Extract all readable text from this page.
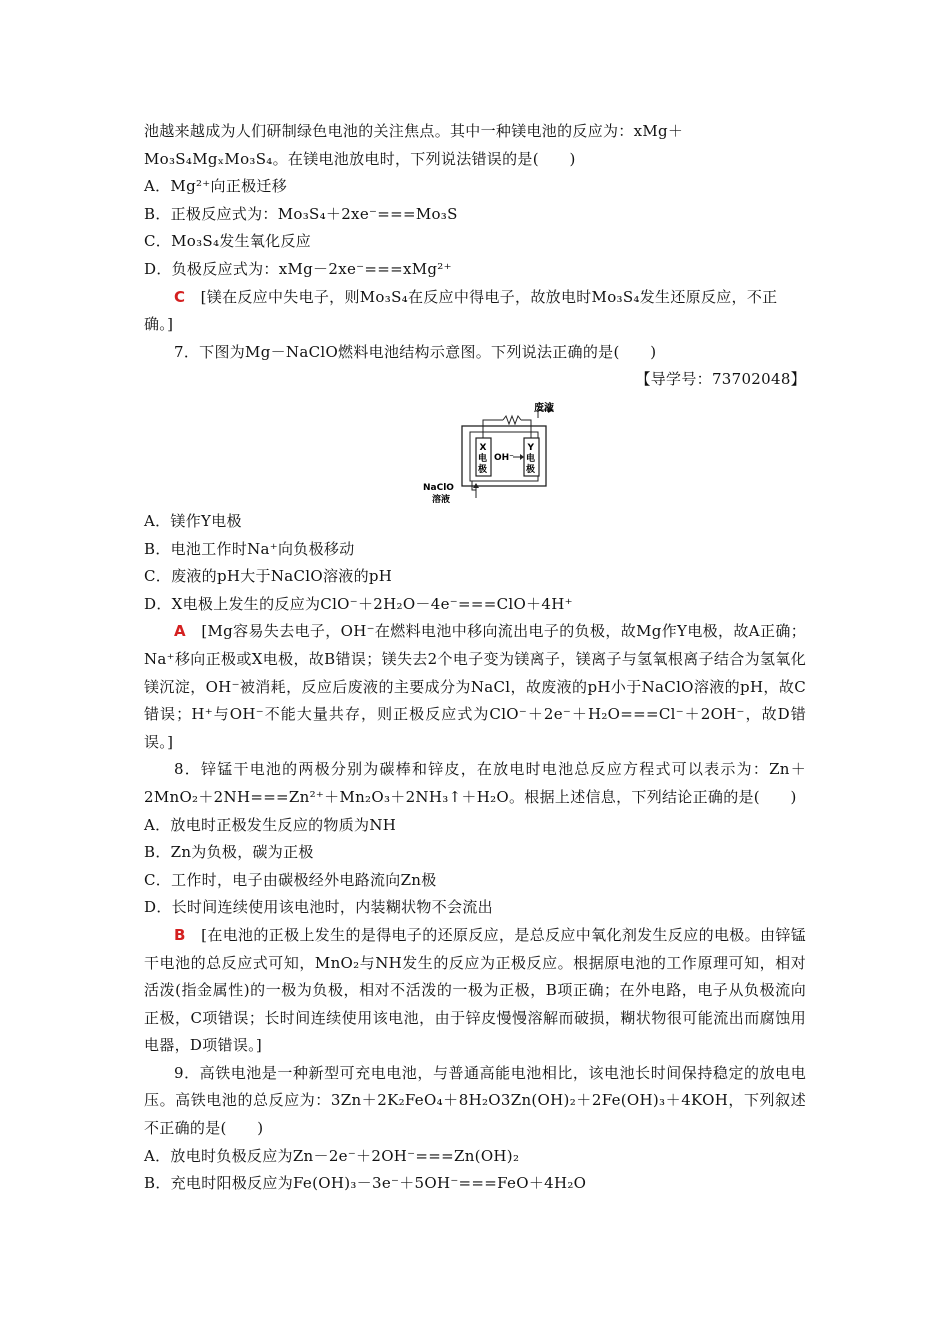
池越来越成为人们研制绿色电池的关注焦点。其中一种镁电池的反应为：xMg＋

Mo₃S₄MgₓMo₃S₄。在镁电池放电时，下列说法错误的是(　　)

A．Mg²⁺向正极迁移

B．正极反应式为：Mo₃S₄＋2xe⁻===Mo₃S

C．Mo₃S₄发生氧化反应

D．负极反应式为：xMg－2xe⁻===xMg²⁺

C　[镁在反应中失电子，则Mo₃S₄在反应中得电子，故放电时Mo₃S₄发生还原反应，不正确。]

7．下图为Mg－NaClO燃料电池结构示意图。下列说法正确的是(　　)

【导学号：73702048】

废液
X
电
极
Y
电
极
OH⁻
NaClO
溶液

A．镁作Y电极

B．电池工作时Na⁺向负极移动

C．废液的pH大于NaClO溶液的pH

D．X电极上发生的反应为ClO⁻＋2H₂O－4e⁻===ClO＋4H⁺

A　[Mg容易失去电子，OH⁻在燃料电池中移向流出电子的负极，故Mg作Y电极，故A正确；Na⁺移向正极或X电极，故B错误；镁失去2个电子变为镁离子，镁离子与氢氧根离子结合为氢氧化镁沉淀，OH⁻被消耗，反应后废液的主要成分为NaCl，故废液的pH小于NaClO溶液的pH，故C错误；H⁺与OH⁻不能大量共存，则正极反应式为ClO⁻＋2e⁻＋H₂O===Cl⁻＋2OH⁻，故D错误。]

8．锌锰干电池的两极分别为碳棒和锌皮，在放电时电池总反应方程式可以表示为：Zn＋2MnO₂＋2NH===Zn²⁺＋Mn₂O₃＋2NH₃↑＋H₂O。根据上述信息，下列结论正确的是(　　)

A．放电时正极发生反应的物质为NH

B．Zn为负极，碳为正极

C．工作时，电子由碳极经外电路流向Zn极

D．长时间连续使用该电池时，内装糊状物不会流出

B　[在电池的正极上发生的是得电子的还原反应，是总反应中氧化剂发生反应的电极。由锌锰干电池的总反应式可知，MnO₂与NH发生的反应为正极反应。根据原电池的工作原理可知，相对活泼(指金属性)的一极为负极，相对不活泼的一极为正极，B项正确；在外电路，电子从负极流向正极，C项错误；长时间连续使用该电池，由于锌皮慢慢溶解而破损，糊状物很可能流出而腐蚀用电器，D项错误。]

9．高铁电池是一种新型可充电电池，与普通高能电池相比，该电池长时间保持稳定的放电电压。高铁电池的总反应为：3Zn＋2K₂FeO₄＋8H₂O3Zn(OH)₂＋2Fe(OH)₃＋4KOH，下列叙述不正确的是(　　)

A．放电时负极反应为Zn－2e⁻＋2OH⁻===Zn(OH)₂

B．充电时阳极反应为Fe(OH)₃－3e⁻＋5OH⁻===FeO＋4H₂O
